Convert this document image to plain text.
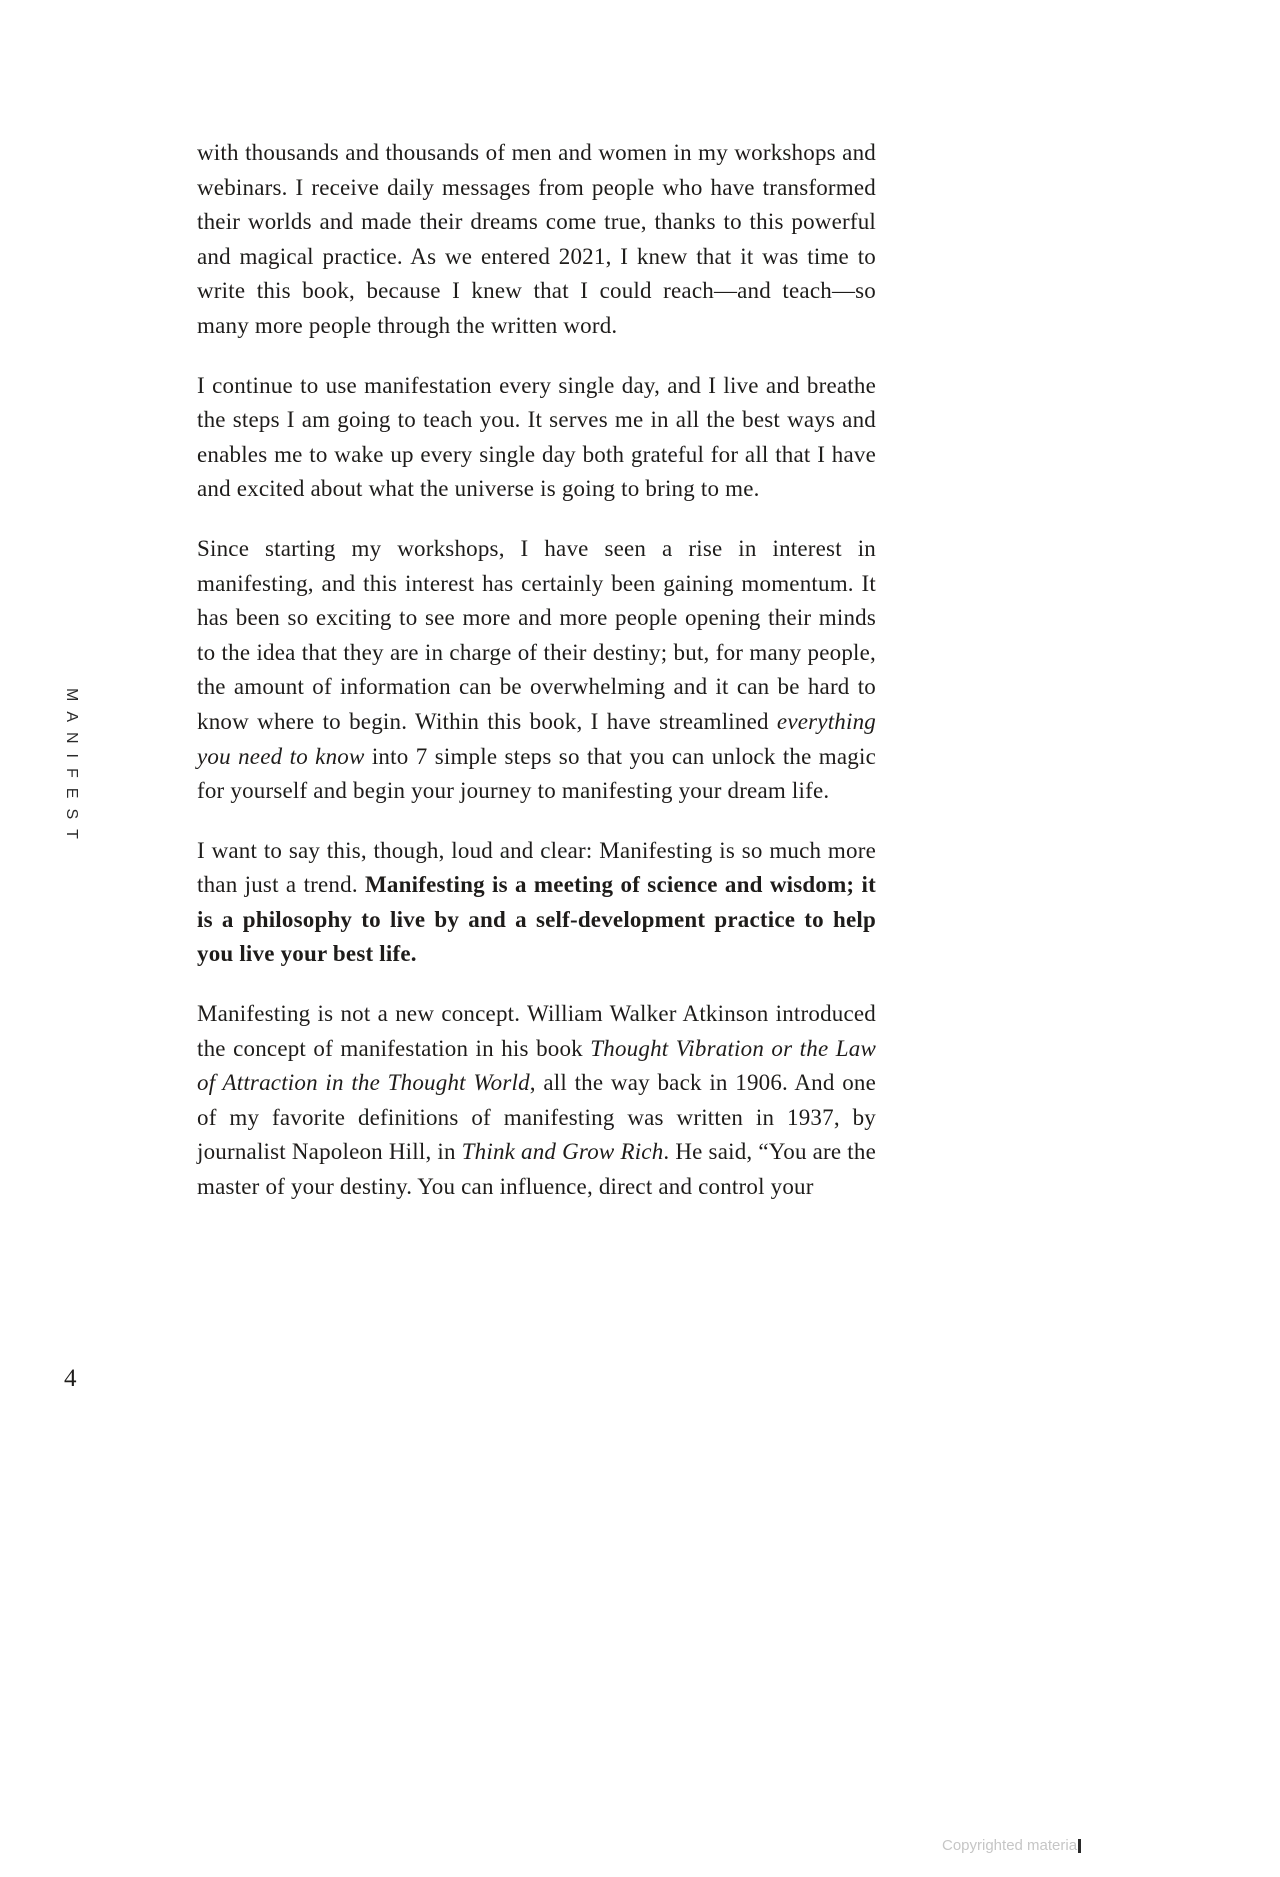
MANIFEST

with thousands and thousands of men and women in my workshops and webinars. I receive daily messages from people who have transformed their worlds and made their dreams come true, thanks to this powerful and magical practice. As we entered 2021, I knew that it was time to write this book, because I knew that I could reach—and teach—so many more people through the written word.

I continue to use manifestation every single day, and I live and breathe the steps I am going to teach you. It serves me in all the best ways and enables me to wake up every single day both grateful for all that I have and excited about what the universe is going to bring to me.

Since starting my workshops, I have seen a rise in interest in manifesting, and this interest has certainly been gaining momentum. It has been so exciting to see more and more people opening their minds to the idea that they are in charge of their destiny; but, for many people, the amount of information can be overwhelming and it can be hard to know where to begin. Within this book, I have streamlined everything you need to know into 7 simple steps so that you can unlock the magic for yourself and begin your journey to manifesting your dream life.

I want to say this, though, loud and clear: Manifesting is so much more than just a trend. Manifesting is a meeting of science and wisdom; it is a philosophy to live by and a self-development practice to help you live your best life.

Manifesting is not a new concept. William Walker Atkinson introduced the concept of manifestation in his book Thought Vibration or the Law of Attraction in the Thought World, all the way back in 1906. And one of my favorite definitions of manifesting was written in 1937, by journalist Napoleon Hill, in Think and Grow Rich. He said, “You are the master of your destiny. You can influence, direct and control your

4
Copyrighted materia
